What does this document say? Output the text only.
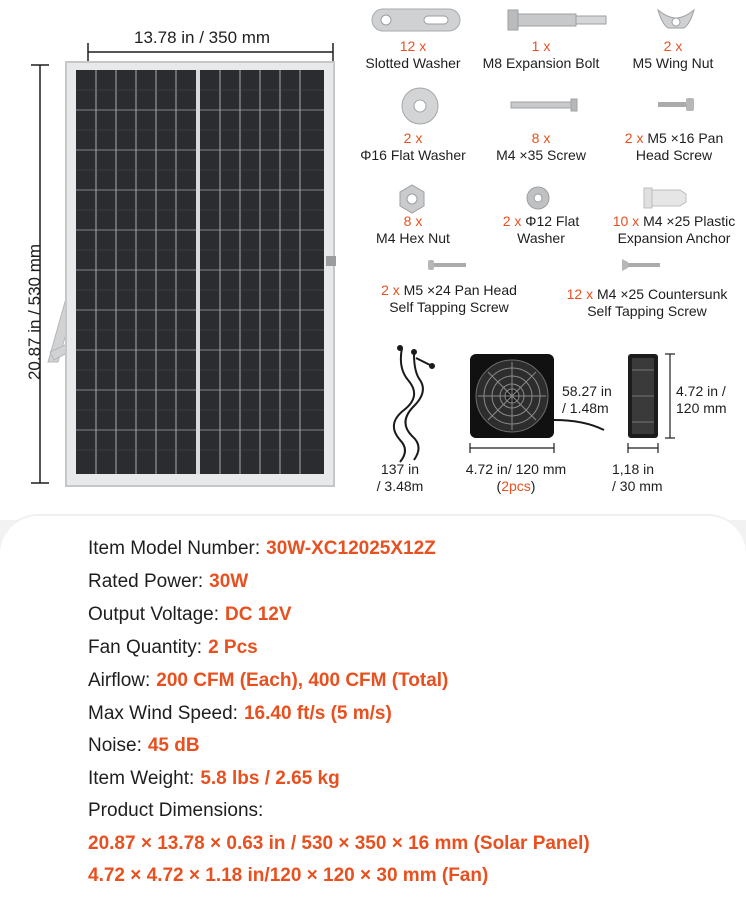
13.78 in / 350 mm
20.87 in / 530 mm
12 x
Slotted Washer
1 x
M8 Expansion Bolt
2 x
M5 Wing Nut
2 x
Φ16 Flat Washer
8 x
M4 ×35 Screw
2 x M5 ×16 Pan
Head Screw
8 x
M4 Hex Nut
2 x Φ12 Flat
Washer
10 x M4 ×25 Plastic
Expansion Anchor
2 x M5 ×24 Pan Head
Self Tapping Screw
12 x M4 ×25 Countersunk
Self Tapping Screw
137 in
/ 3.48m
58.27 in
/ 1.48m
4.72 in/ 120 mm
(2pcs)
4.72 in /
120 mm
1,18 in
/ 30 mm
Item Model Number: 30W-XC12025X12Z
Rated Power: 30W
Output Voltage: DC 12V
Fan Quantity: 2 Pcs
Airflow: 200 CFM (Each), 400 CFM (Total)
Max Wind Speed: 16.40 ft/s (5 m/s)
Noise: 45 dB
Item Weight: 5.8 lbs / 2.65 kg
Product Dimensions:
20.87 × 13.78 × 0.63 in / 530 × 350 × 16 mm (Solar Panel)
4.72 × 4.72 × 1.18 in/120 × 120 × 30 mm (Fan)
